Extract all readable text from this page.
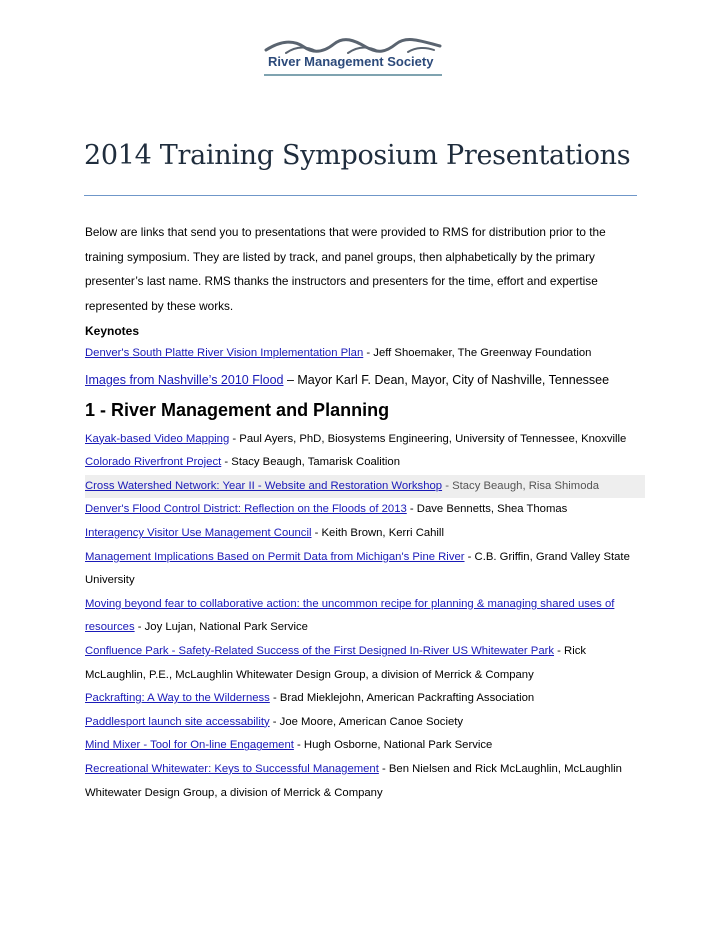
River Management Society
2014 Training Symposium Presentations

Below are links that send you to presentations that were provided to RMS for distribution prior to the training symposium. They are listed by track, and panel groups, then alphabetically by the primary presenter’s last name. RMS thanks the instructors and presenters for the time, effort and expertise represented by these works.

Keynotes

Denver's South Platte River Vision Implementation Plan - Jeff Shoemaker, The Greenway Foundation

Images from Nashville’s 2010 Flood – Mayor Karl F. Dean, Mayor, City of Nashville, Tennessee

1 - River Management and Planning

Kayak-based Video Mapping - Paul Ayers, PhD, Biosystems Engineering, University of Tennessee, Knoxville

Colorado Riverfront Project - Stacy Beaugh, Tamarisk Coalition

Cross Watershed Network: Year II - Website and Restoration Workshop - Stacy Beaugh, Risa Shimoda

Denver's Flood Control District: Reflection on the Floods of 2013 - Dave Bennetts, Shea Thomas

Interagency Visitor Use Management Council - Keith Brown, Kerri Cahill

Management Implications Based on Permit Data from Michigan's Pine River - C.B. Griffin, Grand Valley State University

Moving beyond fear to collaborative action: the uncommon recipe for planning & managing shared uses of resources - Joy Lujan, National Park Service

Confluence Park - Safety-Related Success of the First Designed In-River US Whitewater Park - Rick McLaughlin, P.E., McLaughlin Whitewater Design Group, a division of Merrick & Company

Packrafting: A Way to the Wilderness - Brad Mieklejohn, American Packrafting Association

Paddlesport launch site accessability - Joe Moore, American Canoe Society

Mind Mixer - Tool for On-line Engagement - Hugh Osborne, National Park Service

Recreational Whitewater: Keys to Successful Management - Ben Nielsen and Rick McLaughlin, McLaughlin Whitewater Design Group, a division of Merrick & Company
